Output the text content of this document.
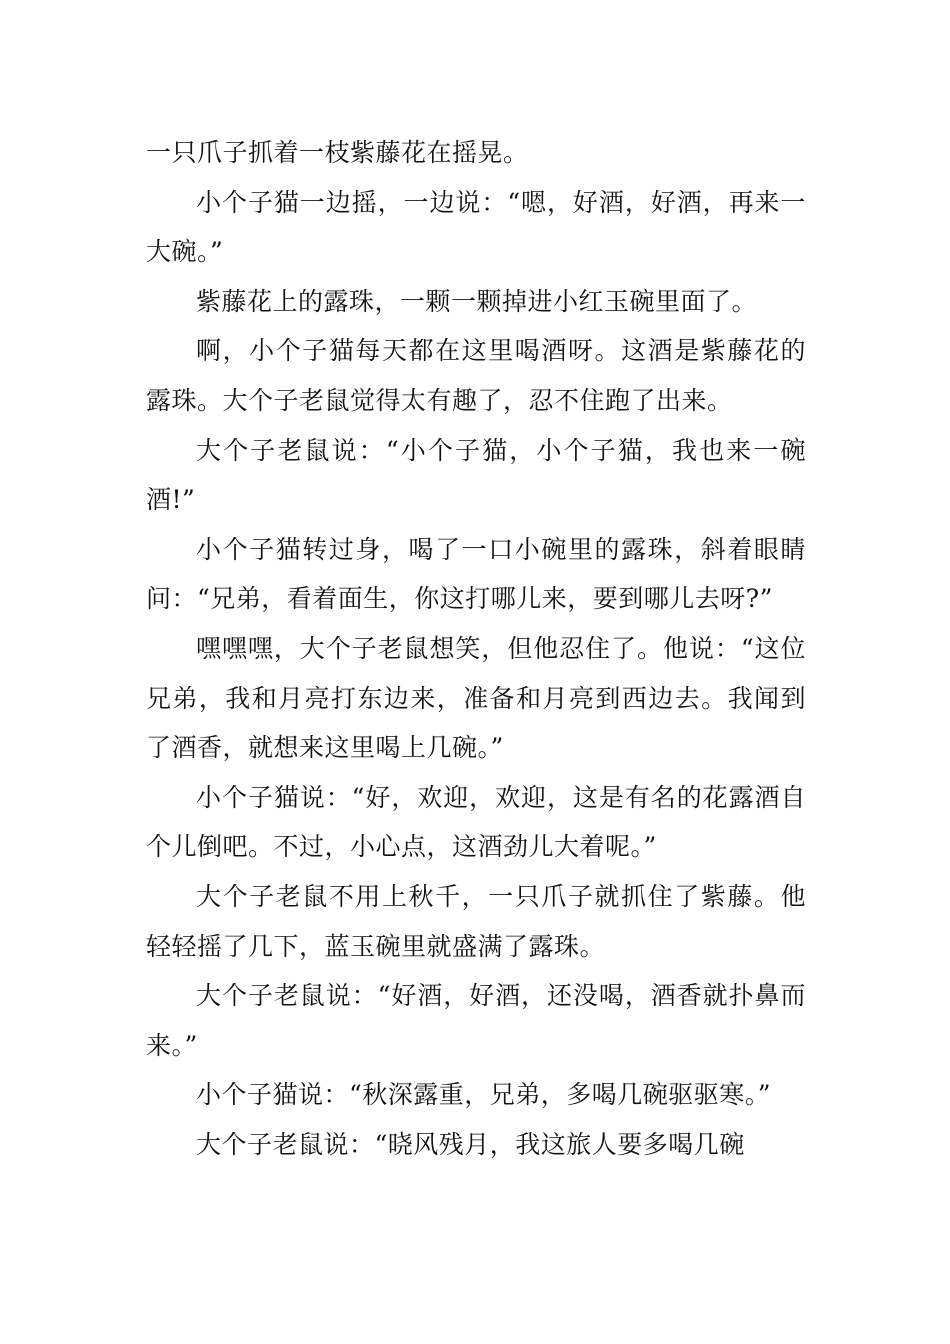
一只爪子抓着一枝紫藤花在摇晃。

小个子猫一边摇，一边说：“嗯，好酒，好酒，再来一大碗。”

紫藤花上的露珠，一颗一颗掉进小红玉碗里面了。

啊，小个子猫每天都在这里喝酒呀。这酒是紫藤花的露珠。大个子老鼠觉得太有趣了，忍不住跑了出来。

大个子老鼠说：“小个子猫，小个子猫，我也来一碗酒!”

小个子猫转过身，喝了一口小碗里的露珠，斜着眼睛问：“兄弟，看着面生，你这打哪儿来，要到哪儿去呀?”

嘿嘿嘿，大个子老鼠想笑，但他忍住了。他说：“这位兄弟，我和月亮打东边来，准备和月亮到西边去。我闻到了酒香，就想来这里喝上几碗。”

小个子猫说：“好，欢迎，欢迎，这是有名的花露酒自个儿倒吧。不过，小心点，这酒劲儿大着呢。”

大个子老鼠不用上秋千，一只爪子就抓住了紫藤。他轻轻摇了几下，蓝玉碗里就盛满了露珠。

大个子老鼠说：“好酒，好酒，还没喝，酒香就扑鼻而来。”

小个子猫说：“秋深露重，兄弟，多喝几碗驱驱寒。”

大个子老鼠说：“晓风残月，我这旅人要多喝几碗
